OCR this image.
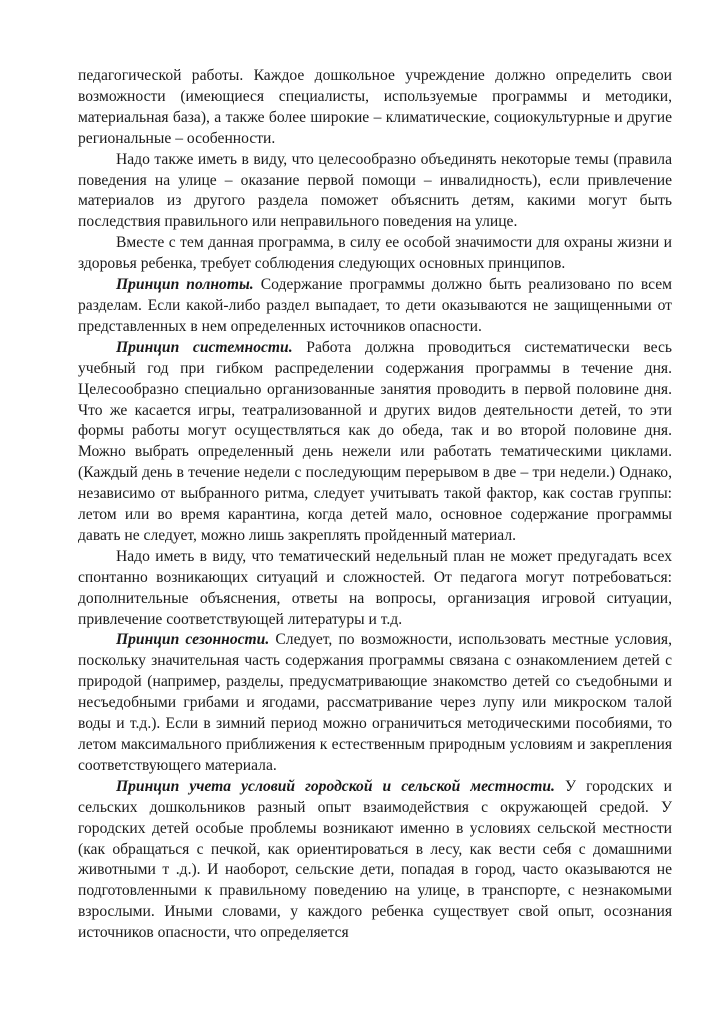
педагогической работы. Каждое дошкольное учреждение должно определить свои возможности (имеющиеся специалисты, используемые программы и методики, материальная база), а также более широкие – климатические, социокультурные и другие региональные – особенности.

Надо также иметь в виду, что целесообразно объединять некоторые темы (правила поведения на улице – оказание первой помощи – инвалидность), если привлечение материалов из другого раздела поможет объяснить детям, какими могут быть последствия правильного или неправильного поведения на улице.

Вместе с тем данная программа, в силу ее особой значимости для охраны жизни и здоровья ребенка, требует соблюдения следующих основных принципов.

Принцип полноты. Содержание программы должно быть реализовано по всем разделам. Если какой-либо раздел выпадает, то дети оказываются не защищенными от представленных в нем определенных источников опасности.

Принцип системности. Работа должна проводиться систематически весь учебный год при гибком распределении содержания программы в течение дня. Целесообразно специально организованные занятия проводить в первой половине дня. Что же касается игры, театрализованной и других видов деятельности детей, то эти формы работы могут осуществляться как до обеда, так и во второй половине дня. Можно выбрать определенный день нежели или работать тематическими циклами. (Каждый день в течение недели с последующим перерывом в две – три недели.) Однако, независимо от выбранного ритма, следует учитывать такой фактор, как состав группы: летом или во время карантина, когда детей мало, основное содержание программы давать не следует, можно лишь закреплять пройденный материал.

Надо иметь в виду, что тематический недельный план не может предугадать всех спонтанно возникающих ситуаций и сложностей. От педагога могут потребоваться: дополнительные объяснения, ответы на вопросы, организация игровой ситуации, привлечение соответствующей литературы и т.д.

Принцип сезонности. Следует, по возможности, использовать местные условия, поскольку значительная часть содержания программы связана с ознакомлением детей с природой (например, разделы, предусматривающие знакомство детей со съедобными и несъедобными грибами и ягодами, рассматривание через лупу или микроском талой воды и т.д.). Если в зимний период можно ограничиться методическими пособиями, то летом максимального приближения к естественным природным условиям и закрепления соответствующего материала.

Принцип учета условий городской и сельской местности. У городских и сельских дошкольников разный опыт взаимодействия с окружающей средой. У городских детей особые проблемы возникают именно в условиях сельской местности (как обращаться с печкой, как ориентироваться в лесу, как вести себя с домашними животными т .д.). И наоборот, сельские дети, попадая в город, часто оказываются не подготовленными к правильному поведению на улице, в транспорте, с незнакомыми взрослыми. Иными словами, у каждого ребенка существует свой опыт, осознания источников опасности, что определяется
